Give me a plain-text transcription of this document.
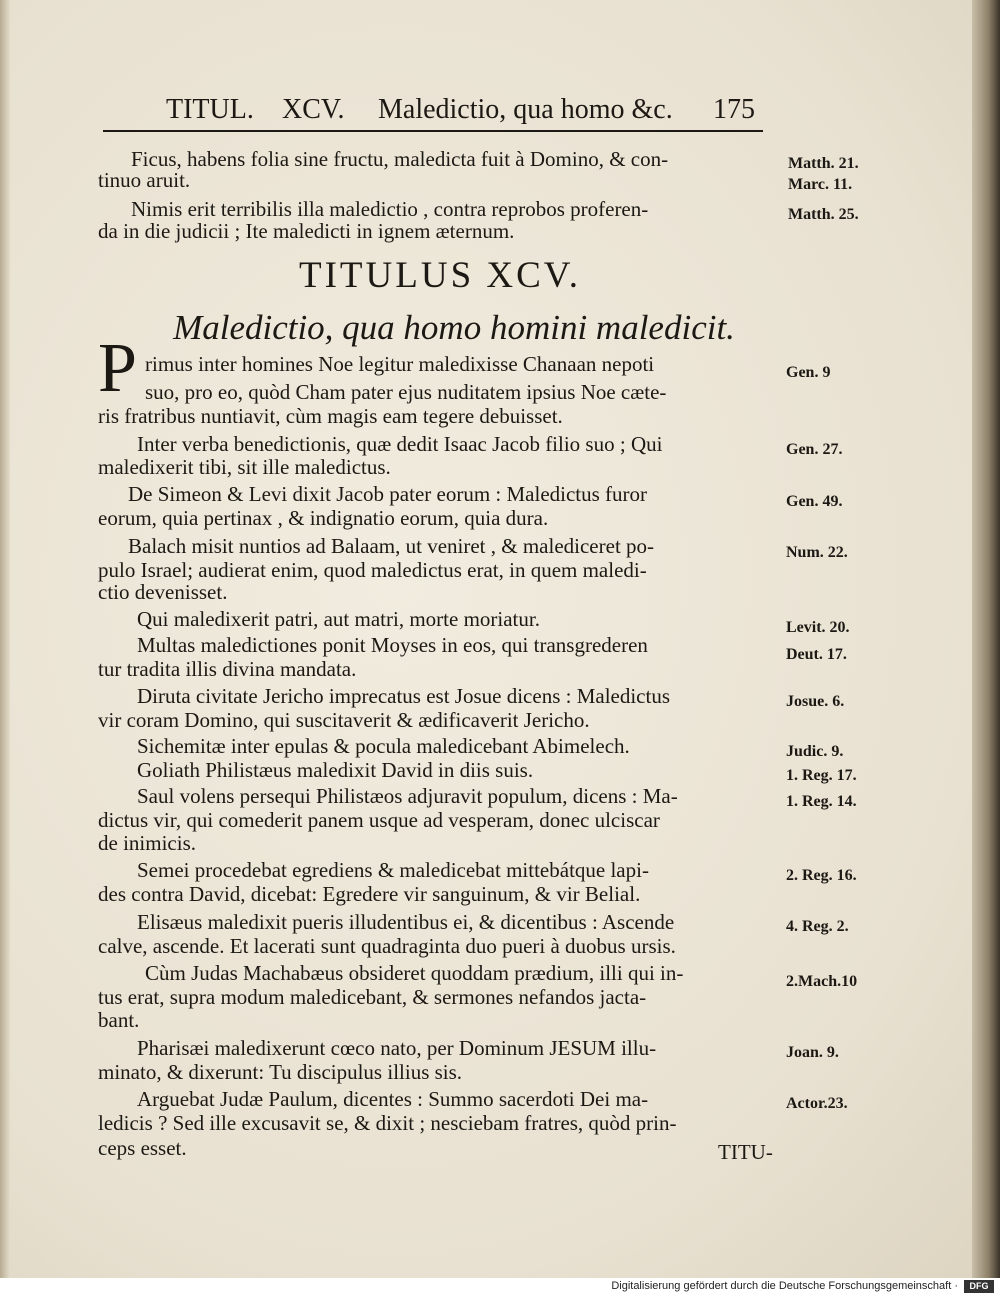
TITUL. XCV. Maledictio, qua homo &c. 175
Ficus, habens folia sine fructu, maledicta fuit à Domino, & con-
tinuo aruit.
Nimis erit terribilis illa maledictio , contra reprobos proferen-
da in die judicii ; Ite maledicti in ignem æternum.
Matth. 21.
Marc. 11.
Matth. 25.
TITULUS XCV.
Maledictio, qua homo homini maledicit.
P rimus inter homines Noe legitur maledixisse Chanaan nepoti
suo, pro eo, quòd Cham pater ejus nuditatem ipsius Noe cæte-
ris fratribus nuntiavit, cùm magis eam tegere debuisset.
Inter verba benedictionis, quæ dedit Isaac Jacob filio suo ; Qui
maledixerit tibi, sit ille maledictus.
De Simeon & Levi dixit Jacob pater eorum : Maledictus furor
eorum, quia pertinax , & indignatio eorum, quia dura.
Balach misit nuntios ad Balaam, ut veniret , & malediceret po-
pulo Israel; audierat enim, quod maledictus erat, in quem maledi-
ctio devenisset.
Qui maledixerit patri, aut matri, morte moriatur.
Multas maledictiones ponit Moyses in eos, qui transgrederen
tur tradita illis divina mandata.
Diruta civitate Jericho imprecatus est Josue dicens : Maledictus
vir coram Domino, qui suscitaverit & ædificaverit Jericho.
Sichemitæ inter epulas & pocula maledicebant Abimelech.
Goliath Philistæus maledixit David in diis suis.
Saul volens persequi Philistæos adjuravit populum, dicens : Ma-
dictus vir, qui comederit panem usque ad vesperam, donec ulciscar
de inimicis.
Semei procedebat egrediens & maledicebat mittebátque lapi-
des contra David, dicebat: Egredere vir sanguinum, & vir Belial.
Elisæus maledixit pueris illudentibus ei, & dicentibus : Ascende
calve, ascende. Et lacerati sunt quadraginta duo pueri à duobus ursis.
Cùm Judas Machabæus obsideret quoddam prædium, illi qui in-
tus erat, supra modum maledicebant, & sermones nefandos jacta-
bant.
Pharisæi maledixerunt cœco nato, per Dominum JESUM illu-
minato, & dixerunt: Tu discipulus illius sis.
Arguebat Judæ Paulum, dicentes : Summo sacerdoti Dei ma-
ledicis ? Sed ille excusavit se, & dixit ; nesciebam fratres, quòd prin-
ceps esset.
Gen. 9
Gen. 27.
Gen. 49.
Num. 22.
Levit. 20.
Deut. 17.
Josue. 6.
Judic. 9.
1. Reg. 17.
1. Reg. 14.
2. Reg. 16.
4. Reg. 2.
2.Mach.10
Joan. 9.
Actor.23.
TITU-
Digitalisierung gefördert durch die Deutsche Forschungsgemeinschaft ·	DFG
